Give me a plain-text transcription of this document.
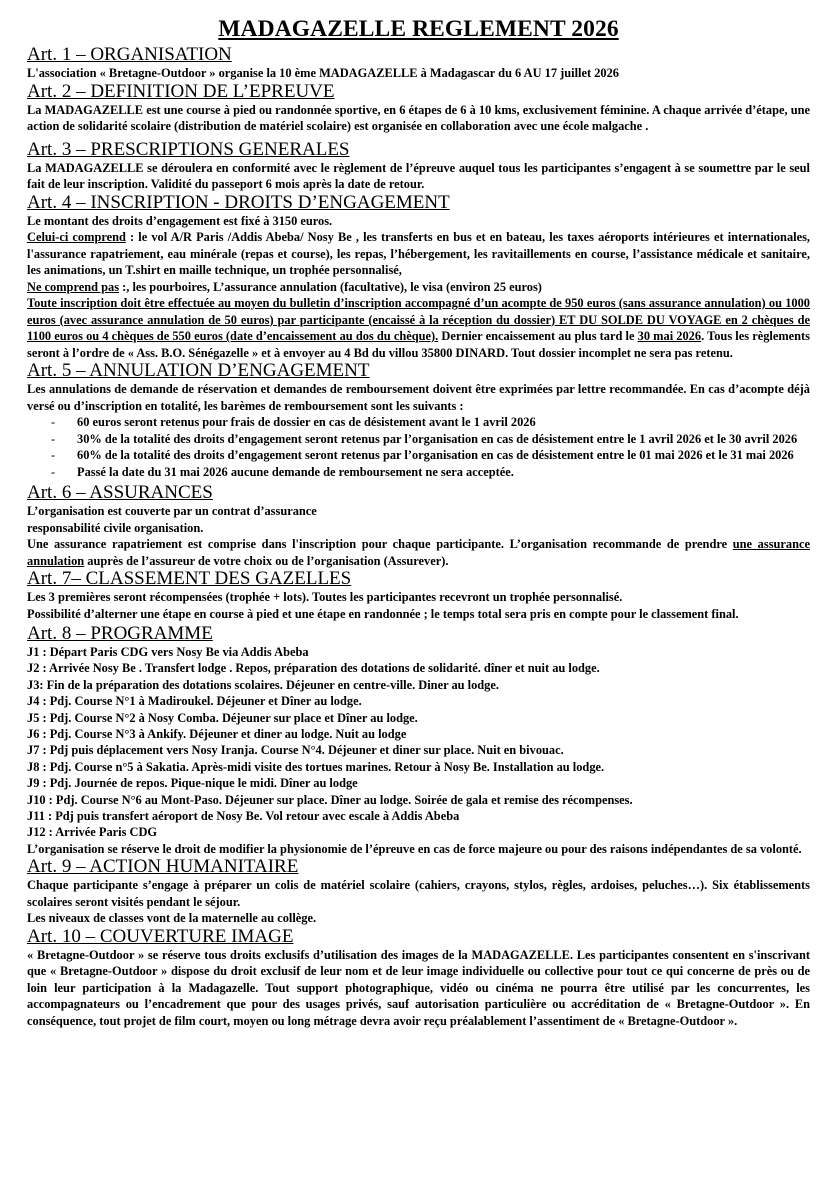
MADAGAZELLE REGLEMENT 2026
Art. 1 – ORGANISATION

L'association « Bretagne-Outdoor » organise la 10 ème MADAGAZELLE à Madagascar du 6 AU 17 juillet 2026

Art. 2 – DEFINITION DE L’EPREUVE

La MADAGAZELLE est une course à pied ou randonnée sportive, en 6 étapes de 6 à 10 kms, exclusivement féminine. A chaque arrivée d’étape, une action de solidarité scolaire (distribution de matériel scolaire) est organisée en collaboration avec une école malgache .

Art. 3 – PRESCRIPTIONS GENERALES

La MADAGAZELLE se déroulera en conformité avec le règlement de l’épreuve auquel tous les participantes s’engagent à se soumettre par le seul fait de leur inscription. Validité du passeport 6 mois après la date de retour.

Art. 4 – INSCRIPTION - DROITS D’ENGAGEMENT

Le montant des droits d’engagement est fixé à 3150 euros.

Celui-ci comprend : le vol A/R Paris /Addis Abeba/ Nosy Be , les transferts en bus et en bateau, les taxes aéroports intérieures et internationales, l'assurance rapatriement, eau minérale (repas et course), les repas, l’hébergement, les ravitaillements en course, l’assistance médicale et sanitaire, les animations, un T.shirt en maille technique, un trophée personnalisé,

Ne comprend pas :, les pourboires, L’assurance annulation (facultative), le visa (environ 25 euros)

Toute inscription doit être effectuée au moyen du bulletin d’inscription accompagné d’un acompte de 950 euros (sans assurance annulation) ou 1000 euros (avec assurance annulation de 50 euros) par participante (encaissé à la réception du dossier) ET DU SOLDE DU VOYAGE en 2 chèques de 1100 euros ou 4 chèques de 550 euros (date d’encaissement au dos du chèque). Dernier encaissement au plus tard le 30 mai 2026. Tous les règlements seront à l’ordre de « Ass. B.O. Sénégazelle » et à envoyer au 4 Bd du villou 35800 DINARD. Tout dossier incomplet ne sera pas retenu.

Art. 5 – ANNULATION D’ENGAGEMENT

Les annulations de demande de réservation et demandes de remboursement doivent être exprimées par lettre recommandée. En cas d’acompte déjà versé ou d’inscription en totalité, les barèmes de remboursement sont les suivants :

- 60 euros seront retenus pour frais de dossier en cas de désistement avant le 1 avril 2026
- 30% de la totalité des droits d’engagement seront retenus par l’organisation en cas de désistement entre le 1 avril 2026 et le 30 avril 2026
- 60% de la totalité des droits d’engagement seront retenus par l’organisation en cas de désistement entre le 01 mai 2026 et le 31 mai 2026
- Passé la date du 31 mai 2026 aucune demande de remboursement ne sera acceptée.
Art. 6 – ASSURANCES

L’organisation est couverte par un contrat d’assurance

responsabilité civile organisation.

Une assurance rapatriement est comprise dans l'inscription pour chaque participante. L’organisation recommande de prendre une assurance annulation auprès de l’assureur de votre choix ou de l’organisation (Assurever).

Art. 7– CLASSEMENT DES GAZELLES

Les 3 premières seront récompensées (trophée + lots). Toutes les participantes recevront un trophée personnalisé.

Possibilité d’alterner une étape en course à pied et une étape en randonnée ; le temps total sera pris en compte pour le classement final.

Art. 8 – PROGRAMME

J1 : Départ Paris CDG vers Nosy Be via Addis Abeba

J2 : Arrivée Nosy Be . Transfert lodge . Repos, préparation des dotations de solidarité. dîner et nuit au lodge.

J3: Fin de la préparation des dotations scolaires. Déjeuner en centre-ville. Diner au lodge.

J4 : Pdj. Course N°1 à Madiroukel. Déjeuner et Dîner au lodge.

J5 : Pdj. Course N°2 à Nosy Comba. Déjeuner sur place et Dîner au lodge.

J6 : Pdj. Course N°3 à Ankify. Déjeuner et diner au lodge. Nuit au lodge

J7 : Pdj puis déplacement vers Nosy Iranja. Course N°4. Déjeuner et diner sur place. Nuit en bivouac.

J8 : Pdj. Course n°5 à Sakatia. Après-midi visite des tortues marines. Retour à Nosy Be. Installation au lodge.

J9 : Pdj. Journée de repos. Pique-nique le midi. Dîner au lodge

J10 : Pdj. Course N°6 au Mont-Paso. Déjeuner sur place. Dîner au lodge. Soirée de gala et remise des récompenses.

J11 : Pdj puis transfert aéroport de Nosy Be. Vol retour avec escale à Addis Abeba

J12 : Arrivée Paris CDG

L’organisation se réserve le droit de modifier la physionomie de l’épreuve en cas de force majeure ou pour des raisons indépendantes de sa volonté.

Art. 9 – ACTION HUMANITAIRE

Chaque participante s’engage à préparer un colis de matériel scolaire (cahiers, crayons, stylos, règles, ardoises, peluches…). Six établissements scolaires seront visités pendant le séjour.

Les niveaux de classes vont de la maternelle au collège.

Art. 10 – COUVERTURE IMAGE

« Bretagne-Outdoor » se réserve tous droits exclusifs d’utilisation des images de la MADAGAZELLE. Les participantes consentent en s'inscrivant que « Bretagne-Outdoor » dispose du droit exclusif de leur nom et de leur image individuelle ou collective pour tout ce qui concerne de près ou de loin leur participation à la Madagazelle. Tout support photographique, vidéo ou cinéma ne pourra être utilisé par les concurrentes, les accompagnateurs ou l’encadrement que pour des usages privés, sauf autorisation particulière ou accréditation de « Bretagne-Outdoor ». En conséquence, tout projet de film court, moyen ou long métrage devra avoir reçu préalablement l’assentiment de « Bretagne-Outdoor ».
